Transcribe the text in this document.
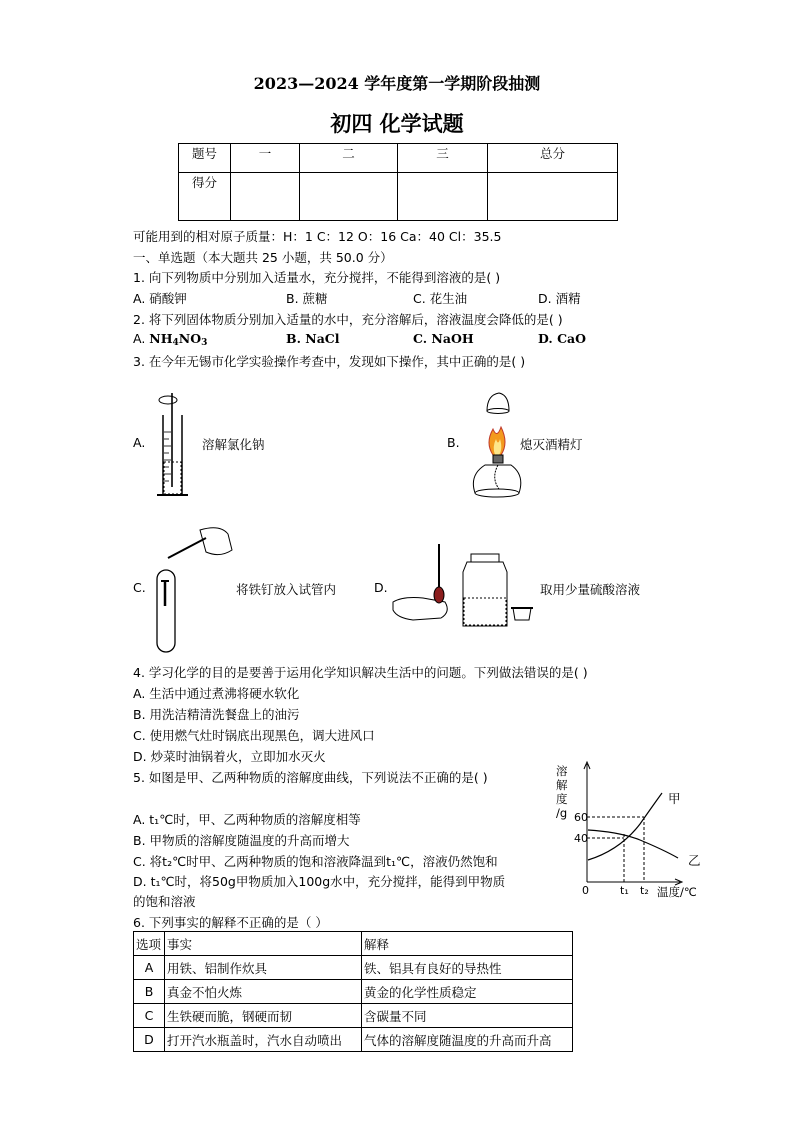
2023—2024 学年度第一学期阶段抽测
初四 化学试题
题号	一	二	三	总分
得分				
可能用到的相对原子质量：H：1 C：12 O：16 Ca：40 Cl：35.5
一、单选题（本大题共 25 小题，共 50.0 分）
1. 向下列物质中分别加入适量水，充分搅拌，不能得到溶液的是( )
A. 硝酸钾	B. 蔗糖	C. 花生油	D. 酒精
2. 将下列固体物质分别加入适量的水中，充分溶解后，溶液温度会降低的是( )
A. $NH_4NO_3$	B. NaCl	C. NaOH	D. CaO
3. 在今年无锡市化学实验操作考查中，发现如下操作，其中正确的是( )
A.	溶解氯化钠	B.	熄灭酒精灯
C.	将铁钉放入试管内	D.	取用少量硫酸溶液
4. 学习化学的目的是要善于运用化学知识解决生活中的问题。下列做法错误的是( )
A. 生活中通过煮沸将硬水软化
B. 用洗洁精清洗餐盘上的油污
C. 使用燃气灶时锅底出现黑色，调大进风口
D. 炒菜时油锅着火，立即加水灭火
5. 如图是甲、乙两种物质的溶解度曲线，下列说法不正确的是( )
A. t₁℃时，甲、乙两种物质的溶解度相等
B. 甲物质的溶解度随温度的升高而增大
C. 将t₂℃时甲、乙两种物质的饱和溶液降温到t₁℃，溶液仍然饱和
D. t₁℃时，将50g甲物质加入100g水中，充分搅拌，能得到甲物质
的饱和溶液
溶
解
度
/g 60
40
0	t₁ t₂ 温度/℃
甲
乙
6. 下列事实的解释不正确的是（ ）
选项	事实	解释
A	用铁、铝制作炊具	铁、铝具有良好的导热性
B	真金不怕火炼	黄金的化学性质稳定
C	生铁硬而脆，钢硬而韧	含碳量不同
D	打开汽水瓶盖时，汽水自动喷出	气体的溶解度随温度的升高而升高
